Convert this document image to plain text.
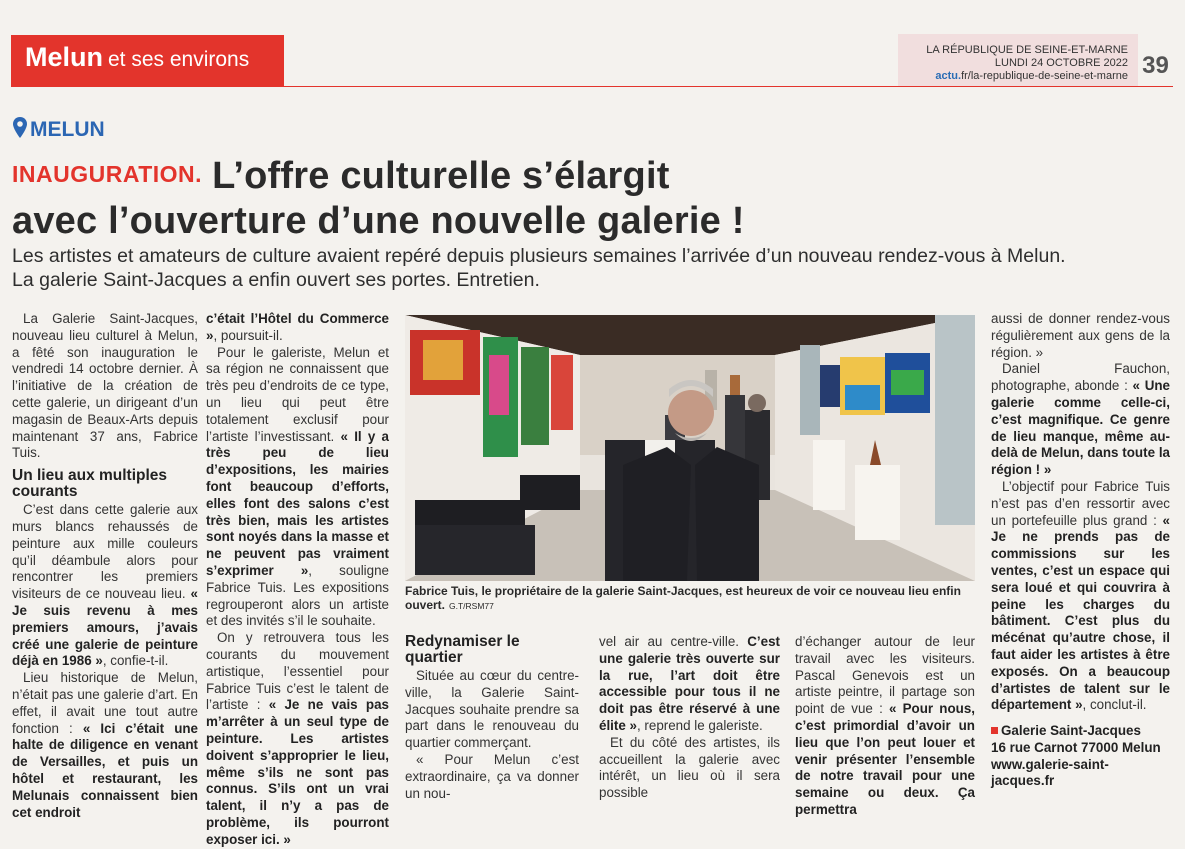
Melun et ses environs	LA RÉPUBLIQUE DE SEINE-ET-MARNE
LUNDI 24 OCTOBRE 2022
actu.fr/la-republique-de-seine-et-marne 39
MELUN
INAUGURATION. L’offre culturelle s’élargit
avec l’ouverture d’une nouvelle galerie !
Les artistes et amateurs de culture avaient repéré depuis plusieurs semaines l’arrivée d’un nouveau rendez-vous à Melun.
La galerie Saint-Jacques a enfin ouvert ses portes. Entretien.

La Galerie Saint-Jacques, nouveau lieu culturel à Melun, a fêté son inauguration le vendredi 14 octobre dernier. À l’initiative de la création de cette galerie, un dirigeant d’un magasin de Beaux-Arts depuis maintenant 37 ans, Fabrice Tuis.

Un lieu aux multiples courants

C’est dans cette galerie aux murs blancs rehaussés de peinture aux mille couleurs qu’il déambule alors pour rencontrer les premiers visiteurs de ce nouveau lieu. « Je suis revenu à mes premiers amours, j’avais créé une galerie de peinture déjà en 1986 », confie-t-il.

Lieu historique de Melun, n’était pas une galerie d’art. En effet, il avait une tout autre fonction : « Ici c’était une halte de diligence en venant de Versailles, et puis un hôtel et restaurant, les Melunais connaissent bien cet endroit

c’était l’Hôtel du Commerce », poursuit-il.

Pour le galeriste, Melun et sa région ne connaissent que très peu d’endroits de ce type, un lieu qui peut être totalement exclusif pour l’artiste l’investissant. « Il y a très peu de lieu d’expositions, les mairies font beaucoup d’efforts, elles font des salons c’est très bien, mais les artistes sont noyés dans la masse et ne peuvent pas vraiment s’exprimer », souligne Fabrice Tuis. Les expositions regrouperont alors un artiste et des invités s’il le souhaite.

On y retrouvera tous les courants du mouvement artistique, l’essentiel pour Fabrice Tuis c’est le talent de l’artiste : « Je ne vais pas m’arrêter à un seul type de peinture. Les artistes doivent s’approprier le lieu, même s’ils ne sont pas connus. S’ils ont un vrai talent, il n’y a pas de problème, ils pourront exposer ici. »

Fabrice Tuis, le propriétaire de la galerie Saint-Jacques, est heureux de voir ce nouveau lieu enfin ouvert. G.T/RSM77
Redynamiser le quartier

Située au cœur du centre-ville, la Galerie Saint-Jacques souhaite prendre sa part dans le renouveau du quartier commerçant.

« Pour Melun c’est extraordinaire, ça va donner un nou-

vel air au centre-ville. C’est une galerie très ouverte sur la rue, l’art doit être accessible pour tous il ne doit pas être réservé à une élite », reprend le galeriste.

Et du côté des artistes, ils accueillent la galerie avec intérêt, un lieu où il sera possible

d’échanger autour de leur travail avec les visiteurs. Pascal Genevois est un artiste peintre, il partage son point de vue : « Pour nous, c’est primordial d’avoir un lieu que l’on peut louer et venir présenter l’ensemble de notre travail pour une semaine ou deux. Ça permettra

aussi de donner rendez-vous régulièrement aux gens de la région. »

Daniel Fauchon, photographe, abonde : « Une galerie comme celle-ci, c’est magnifique. Ce genre de lieu manque, même au-delà de Melun, dans toute la région ! »

L’objectif pour Fabrice Tuis n’est pas d’en ressortir avec un portefeuille plus grand : « Je ne prends pas de commissions sur les ventes, c’est un espace qui sera loué et qui couvrira à peine les charges du bâtiment. C’est plus du mécénat qu’autre chose, il faut aider les artistes à être exposés. On a beaucoup d’artistes de talent sur le département », conclut-il.

Galerie Saint-Jacques
16 rue Carnot 77000 Melun
www.galerie-saint-jacques.fr
